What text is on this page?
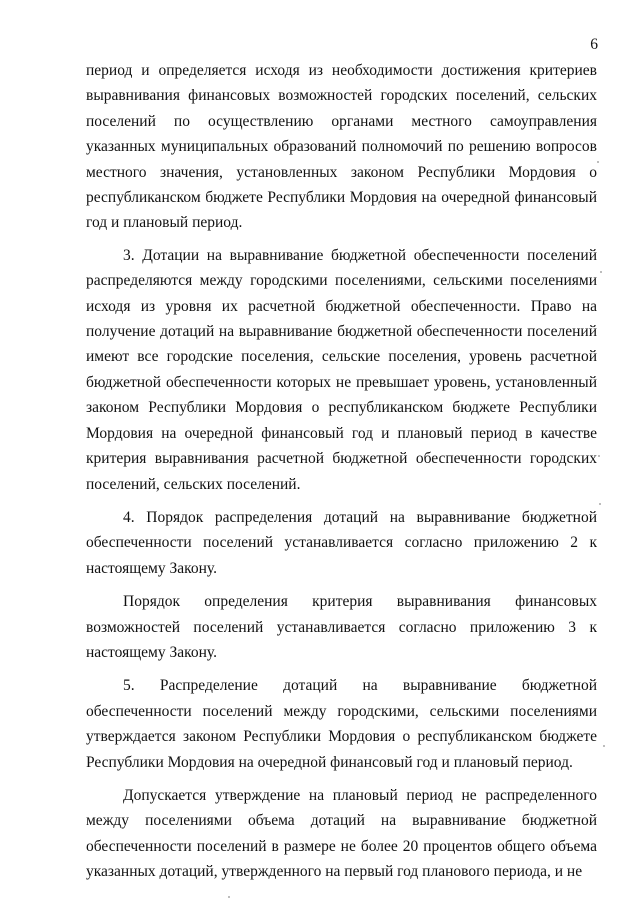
6

период и определяется исходя из необходимости достижения критериев выравнивания финансовых возможностей городских поселений, сельских поселений по осуществлению органами местного самоуправления указанных муниципальных образований полномочий по решению вопросов местного значения, установленных законом Республики Мордовия о республиканском бюджете Республики Мордовия на очередной финансовый год и плановый период.

3. Дотации на выравнивание бюджетной обеспеченности поселений распределяются между городскими поселениями, сельскими поселениями исходя из уровня их расчетной бюджетной обеспеченности. Право на получение дотаций на выравнивание бюджетной обеспеченности поселений имеют все городские поселения, сельские поселения, уровень расчетной бюджетной обеспеченности которых не превышает уровень, установленный законом Республики Мордовия о республиканском бюджете Республики Мордовия на очередной финансовый год и плановый период в качестве критерия выравнивания расчетной бюджетной обеспеченности городских поселений, сельских поселений.

4. Порядок распределения дотаций на выравнивание бюджетной обеспеченности поселений устанавливается согласно приложению 2 к настоящему Закону.

Порядок определения критерия выравнивания финансовых возможностей поселений устанавливается согласно приложению 3 к настоящему Закону.

5. Распределение дотаций на выравнивание бюджетной обеспеченности поселений между городскими, сельскими поселениями утверждается законом Республики Мордовия о республиканском бюджете Республики Мордовия на очередной финансовый год и плановый период.

Допускается утверждение на плановый период не распределенного между поселениями объема дотаций на выравнивание бюджетной обеспеченности поселений в размере не более 20 процентов общего объема указанных дотаций, утвержденного на первый год планового периода, и не
